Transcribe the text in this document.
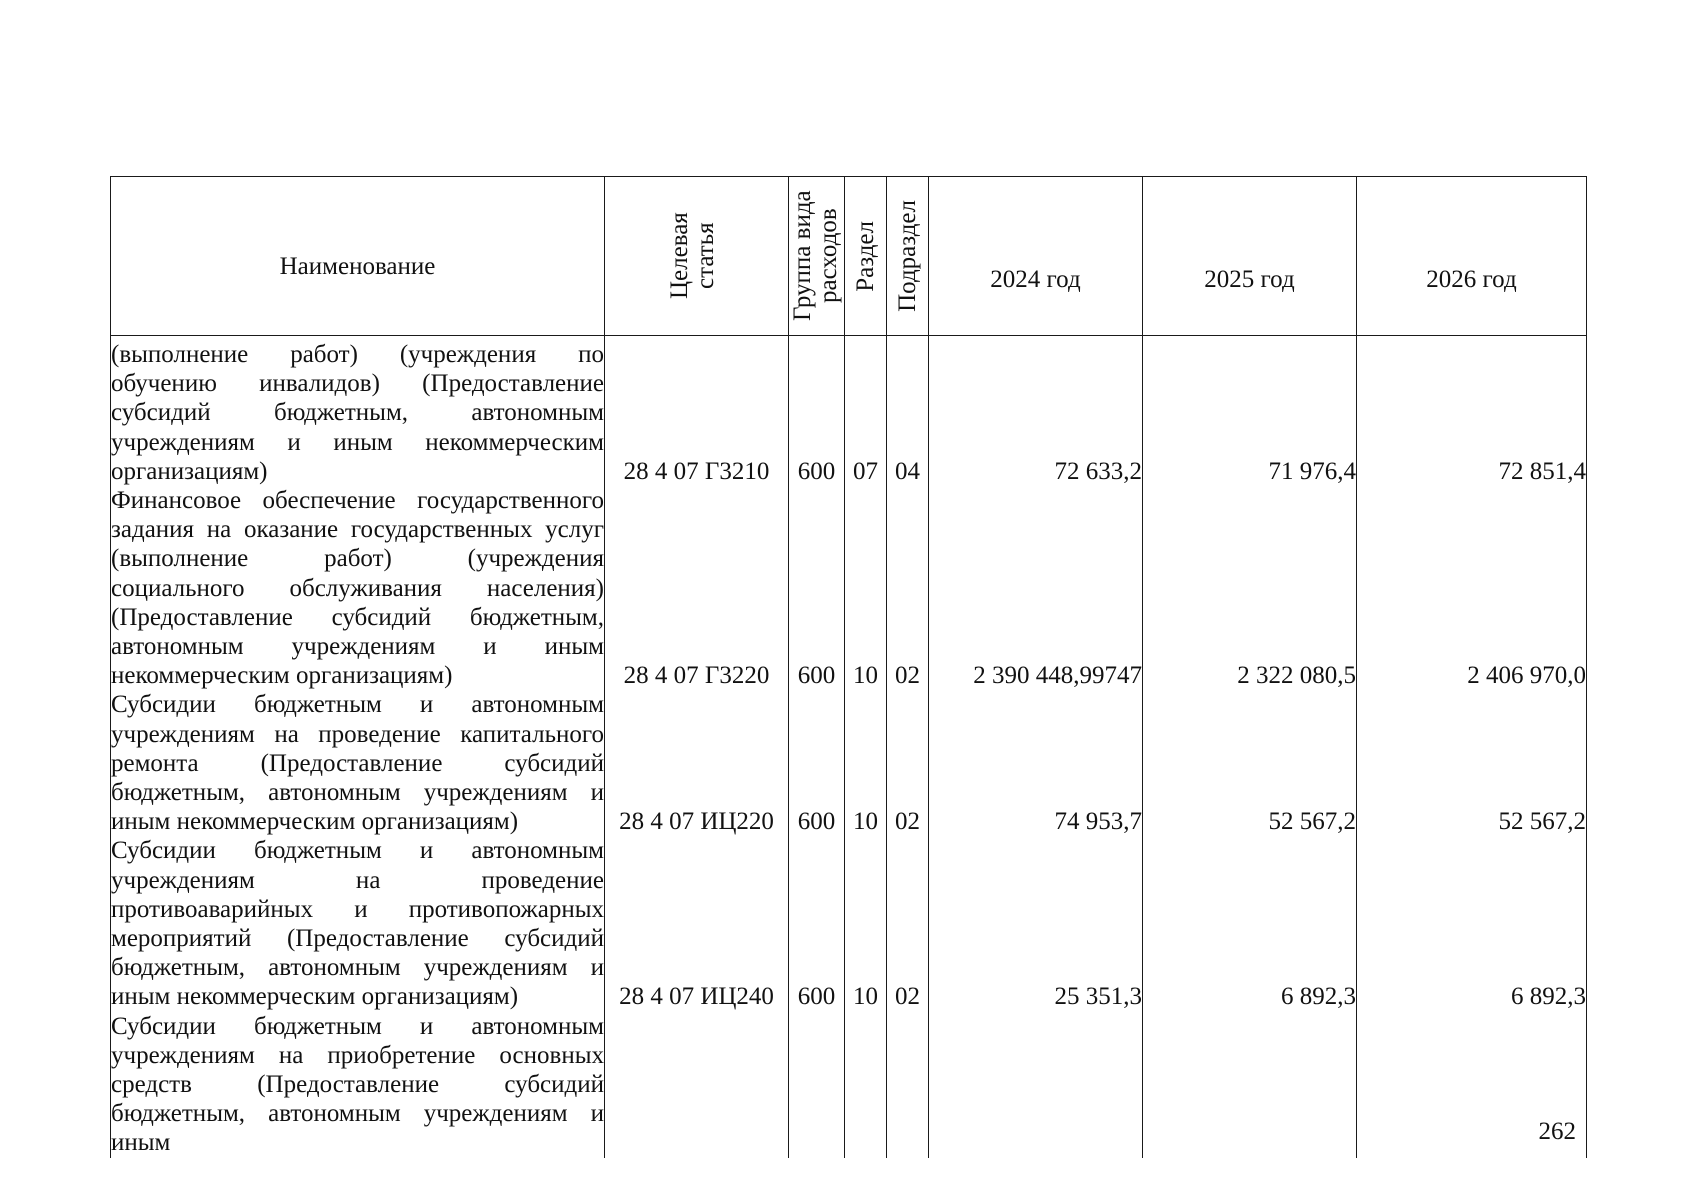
Наименование	Целевая статья	Группа вида расходов	Раздел	Подраздел	2024 год	2025 год	2026 год

(выполнение работ) (учреждения по обучению инвалидов) (Предоставление субсидий бюджетным, автономным учреждениям и иным некоммерческим организациям)	28 4 07 Г3210	600	07	04	72 633,2	71 976,4	72 851,4
Финансовое обеспечение государственного задания на оказание государственных услуг (выполнение работ) (учреждения социального обслуживания населения) (Предоставление субсидий бюджетным, автономным учреждениям и иным некоммерческим организациям)	28 4 07 Г3220	600	10	02	2 390 448,99747	2 322 080,5	2 406 970,0
Субсидии бюджетным и автономным учреждениям на проведение капитального ремонта (Предоставление субсидий бюджетным, автономным учреждениям и иным некоммерческим организациям)	28 4 07 ИЦ220	600	10	02	74 953,7	52 567,2	52 567,2
Субсидии бюджетным и автономным учреждениям на проведение противоаварийных и противопожарных мероприятий (Предоставление субсидий бюджетным, автономным учреждениям и иным некоммерческим организациям)	28 4 07 ИЦ240	600	10	02	25 351,3	6 892,3	6 892,3
Субсидии бюджетным и автономным учреждениям на приобретение основных средств (Предоставление субсидий бюджетным, автономным учреждениям и иным								262
